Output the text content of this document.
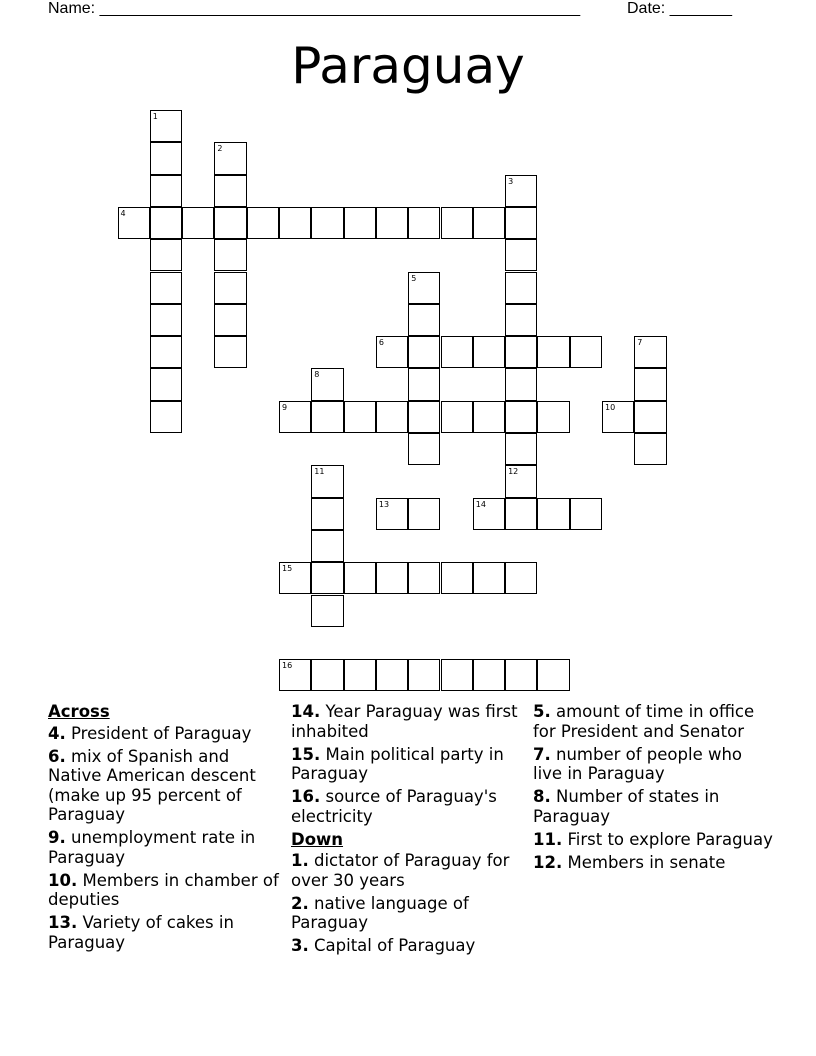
Name: ______________________________________________________	Date: _______
Paraguay
1
2
3
4
5
6	7
8
9	10
11	12
13	14
15
16
Across
4. President of Paraguay
6. mix of Spanish and Native American descent (make up 95 percent of Paraguay
9. unemployment rate in Paraguay
10. Members in chamber of deputies
13. Variety of cakes in Paraguay
14. Year Paraguay was first inhabited
15. Main political party in Paraguay
16. source of Paraguay's electricity
Down
1. dictator of Paraguay for over 30 years
2. native language of Paraguay
3. Capital of Paraguay
5. amount of time in office for President and Senator
7. number of people who live in Paraguay
8. Number of states in Paraguay
11. First to explore Paraguay
12. Members in senate
